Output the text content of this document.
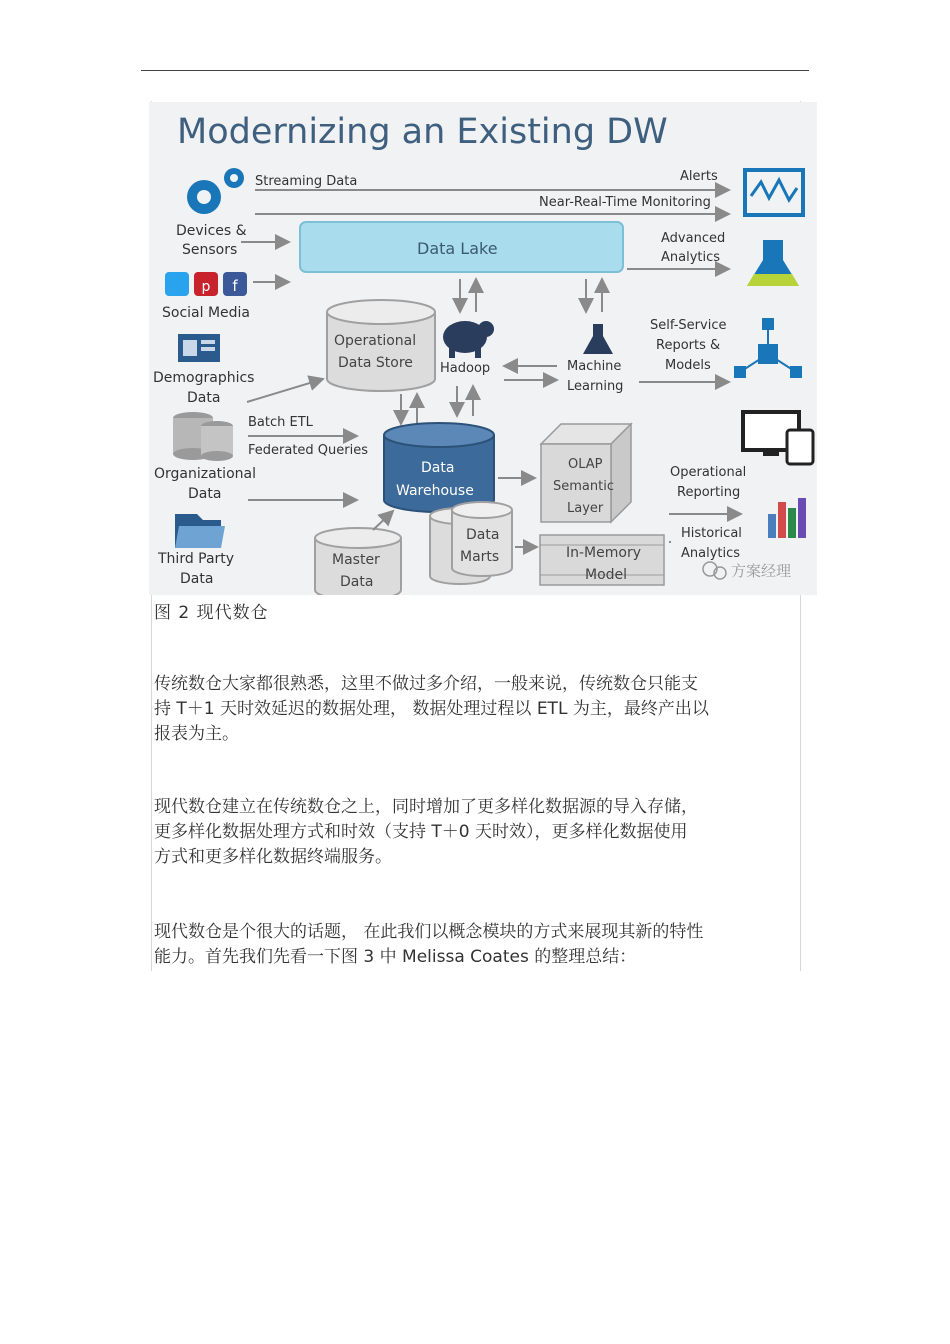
Modernizing an Existing DW
Streaming Data	Alerts
Near-Real-Time Monitoring
Devices &
Sensors	Data Lake
Advanced
Analytics
f
p
Social Media
Operational
Data Store Hadoop	Machine
Learning
Self-Service
Reports &
Models
Demographics
Data
Organizational
Data
Batch ETL
Federated Queries
Data
Warehouse
OLAP
Semantic
Layer
Operational
Reporting
Third Party
Data
Master
Data
Data
Marts	In-Memory
Model
Historical
Analytics
方案经理
图 2 现代数仓
传统数仓大家都很熟悉，这里不做过多介绍，一般来说，传统数仓只能支
持 T＋1 天时效延迟的数据处理， 数据处理过程以 ETL 为主，最终产出以
报表为主。
现代数仓建立在传统数仓之上，同时增加了更多样化数据源的导入存储，
更多样化数据处理方式和时效（支持 T＋0 天时效），更多样化数据使用
方式和更多样化数据终端服务。
现代数仓是个很大的话题， 在此我们以概念模块的方式来展现其新的特性
能力。首先我们先看一下图 3 中 Melissa Coates 的整理总结：
